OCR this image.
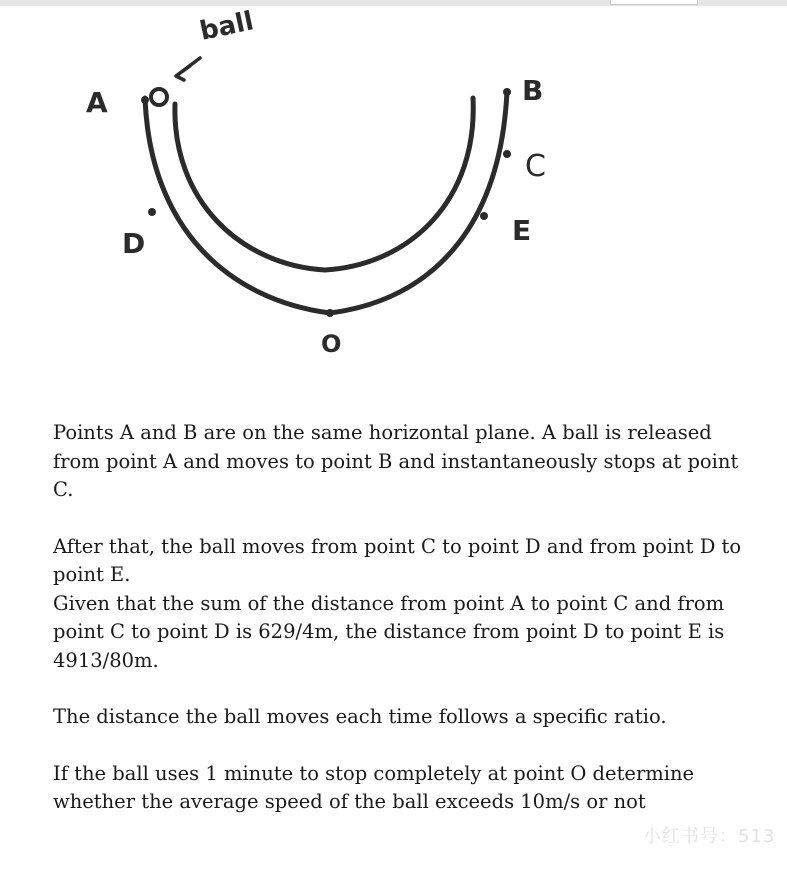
ball
A	B
C
D	E
O

Points A and B are on the same horizontal plane. A ball is released from point A and moves to point B and instantaneously stops at point C.

After that, the ball moves from point C to point D and from point D to point E.

Given that the sum of the distance from point A to point C and from point C to point D is 629/4m, the distance from point D to point E is 4913/80m.

The distance the ball moves each time follows a specific ratio.

If the ball uses 1 minute to stop completely at point O determine whether the average speed of the ball exceeds 10m/s or not

小红书号：513
